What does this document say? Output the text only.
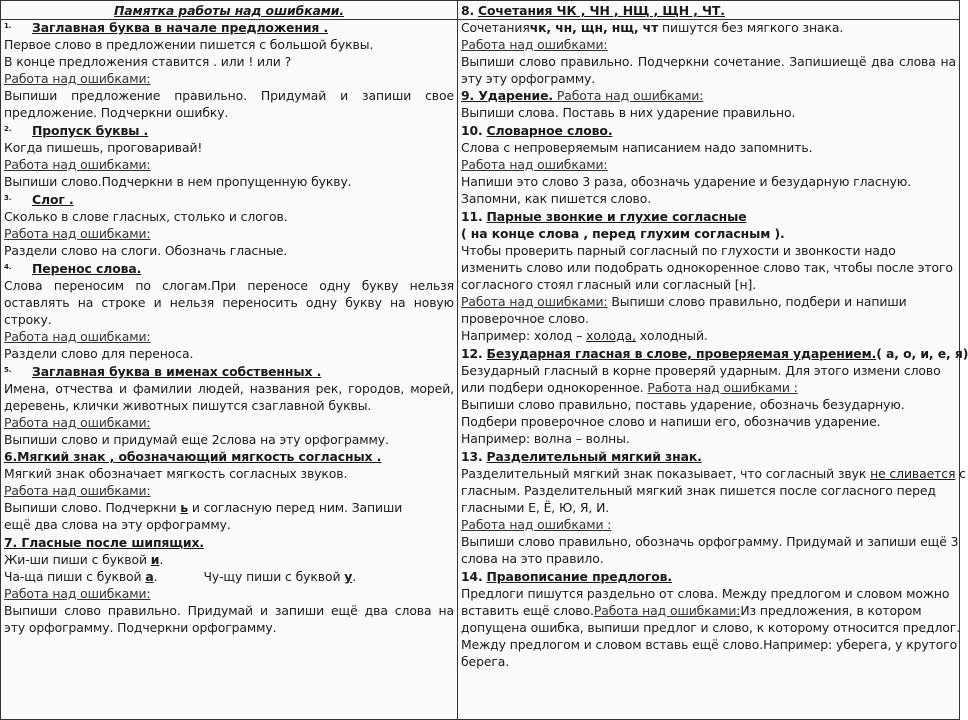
Памятка работы над ошибками.
1. Заглавная буква в начале предложения .
Первое слово в предложении пишется с большой буквы.
В конце предложения ставится . или ! или ?
Работа над ошибками:
Выпиши предложение правильно. Придумай и запиши свое
предложение. Подчеркни ошибку.
2. Пропуск буквы .
Когда пишешь, проговаривай!
Работа над ошибками:
Выпиши слово.Подчеркни в нем пропущенную букву.
3. Слог .
Сколько в слове гласных, столько и слогов.
Работа над ошибками:
Раздели слово на слоги. Обозначь гласные.
4. Перенос слова.
Слова переносим по слогам.При переносе одну букву нельзя
оставлять на строке и нельзя переносить одну букву на новую
строку.
Работа над ошибками:
Раздели слово для переноса.
5. Заглавная буква в именах собственных .
Имена, отчества и фамилии людей, названия рек, городов, морей,
деревень, клички животных пишутся сзаглавной буквы.
Работа над ошибками:
Выпиши слово и придумай еще 2слова на эту орфограмму.
6.Мягкий знак , обозначающий мягкость согласных .
Мягкий знак обозначает мягкость согласных звуков.
Работа над ошибками:
Выпиши слово. Подчеркни ь и согласную перед ним. Запиши
ещё два слова на эту орфограмму.
7. Гласные после шипящих.
Жи-ши пиши с буквой и.
Ча-ща пиши с буквой а.	Чу-щу пиши с буквой у.
Работа над ошибками:
Выпиши слово правильно. Придумай и запиши ещё два слова на
эту орфограмму. Подчеркни орфограмму.
8. Сочетания ЧК , ЧН , НЩ , ЩН , ЧТ.
Сочетаниячк, чн, щн, нщ, чт пишутся без мягкого знака.
Работа над ошибками:
Выпиши слово правильно. Подчеркни сочетание. Запишиещё два слова на
эту эту орфограмму.
9. Ударение. Работа над ошибками:
Выпиши слова. Поставь в них ударение правильно.
10. Словарное слово.
Слова с непроверяемым написанием надо запомнить.
Работа над ошибками:
Напиши это слово 3 раза, обозначь ударение и безударную гласную.
Запомни, как пишется слово.
11. Парные звонкие и глухие согласные
( на конце слова , перед глухим согласным ).
Чтобы проверить парный согласный по глухости и звонкости надо
изменить слово или подобрать однокоренное слово так, чтобы после этого
согласного стоял гласный или согласный [н].
Работа над ошибками: Выпиши слово правильно, подбери и напиши
проверочное слово.
Например: холод – холода, холодный.
12. Безударная гласная в слове, проверяемая ударением.( а, о, и, е, я)
Безударный гласный в корне проверяй ударным. Для этого измени слово
или подбери однокоренное. Работа над ошибками :
Выпиши слово правильно, поставь ударение, обозначь безударную.
Подбери проверочное слово и напиши его, обозначив ударение.
Например: волна – волны.
13. Разделительный мягкий знак.
Разделительный мягкий знак показывает, что согласный звук не сливается с
гласным. Разделительный мягкий знак пишется после согласного перед
гласными Е, Ё, Ю, Я, И.
Работа над ошибками :
Выпиши слово правильно, обозначь орфограмму. Придумай и запиши ещё 3
слова на это правило.
14. Правописание предлогов.
Предлоги пишутся раздельно от слова. Между предлогом и словом можно
вставить ещё слово.Работа над ошибками:Из предложения, в котором
допущена ошибка, выпиши предлог и слово, к которому относится предлог.
Между предлогом и словом вставь ещё слово.Например: уберега, у крутого
берега.
